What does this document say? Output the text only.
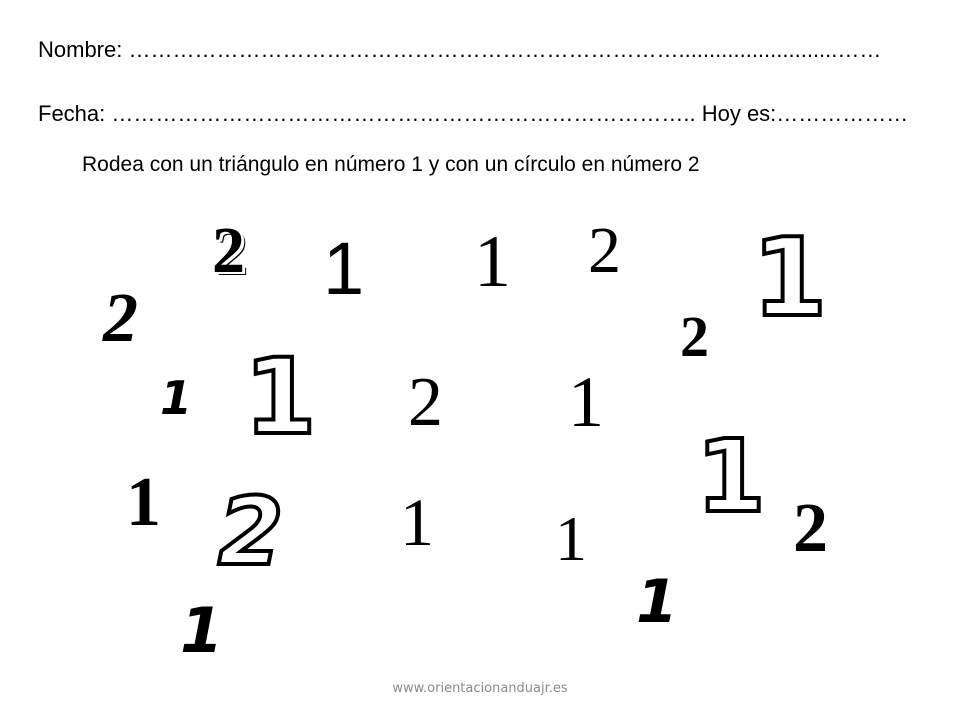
Nombre: …………………………………………………………………..........................……
Fecha: …………………………………………………………………….. Hoy es:………………
Rodea con un triángulo en número 1 y con un círculo en número 2
2 1 1 2 1
2	2
1 1 2 1
1 2 1 1
1 2
1	1
www.orientacionanduajr.es
